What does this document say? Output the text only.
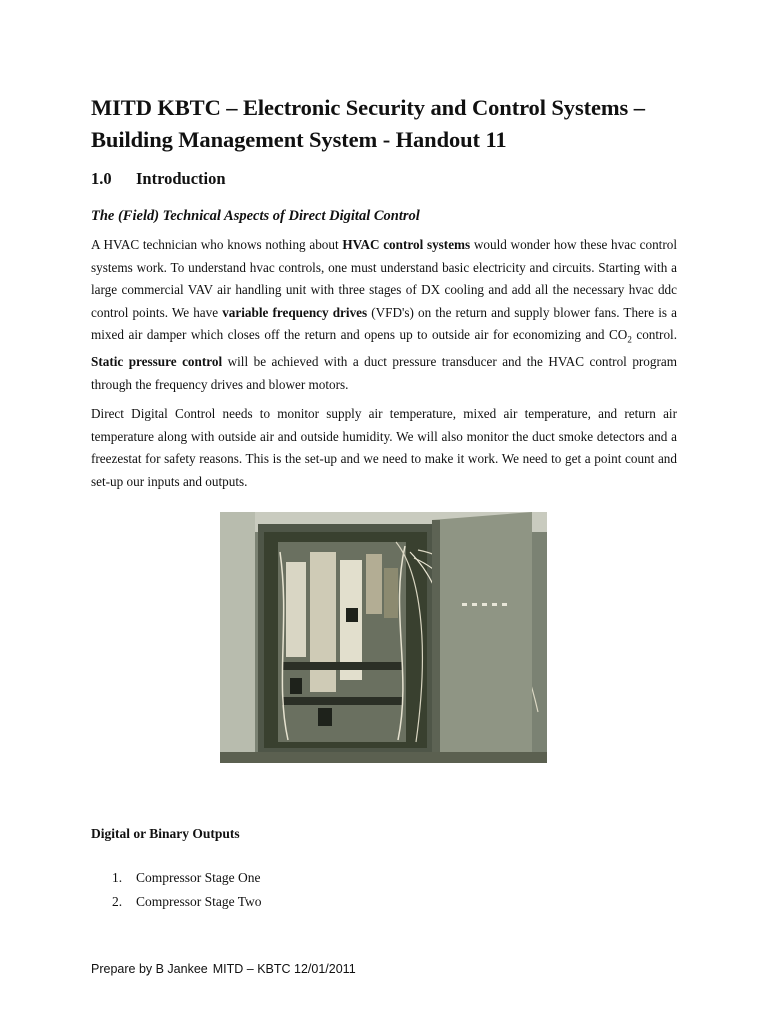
MITD KBTC – Electronic Security and Control Systems – Building Management System - Handout 11
1.0 Introduction
The (Field) Technical Aspects of Direct Digital Control

A HVAC technician who knows nothing about HVAC control systems would wonder how these hvac control systems work. To understand hvac controls, one must understand basic electricity and circuits. Starting with a large commercial VAV air handling unit with three stages of DX cooling and add all the necessary hvac ddc control points. We have variable frequency drives (VFD's) on the return and supply blower fans. There is a mixed air damper which closes off the return and opens up to outside air for economizing and $CO_2$ control. Static pressure control will be achieved with a duct pressure transducer and the HVAC control program through the frequency drives and blower motors.

Direct Digital Control needs to monitor supply air temperature, mixed air temperature, and return air temperature along with outside air and outside humidity. We will also monitor the duct smoke detectors and a freezestat for safety reasons. This is the set-up and we need to make it work. We need to get a point count and set-up our inputs and outputs.

Digital or Binary Outputs
1. Compressor Stage One
2. Compressor Stage Two

Prepare by B Jankee MITD – KBTC 12/01/2011
